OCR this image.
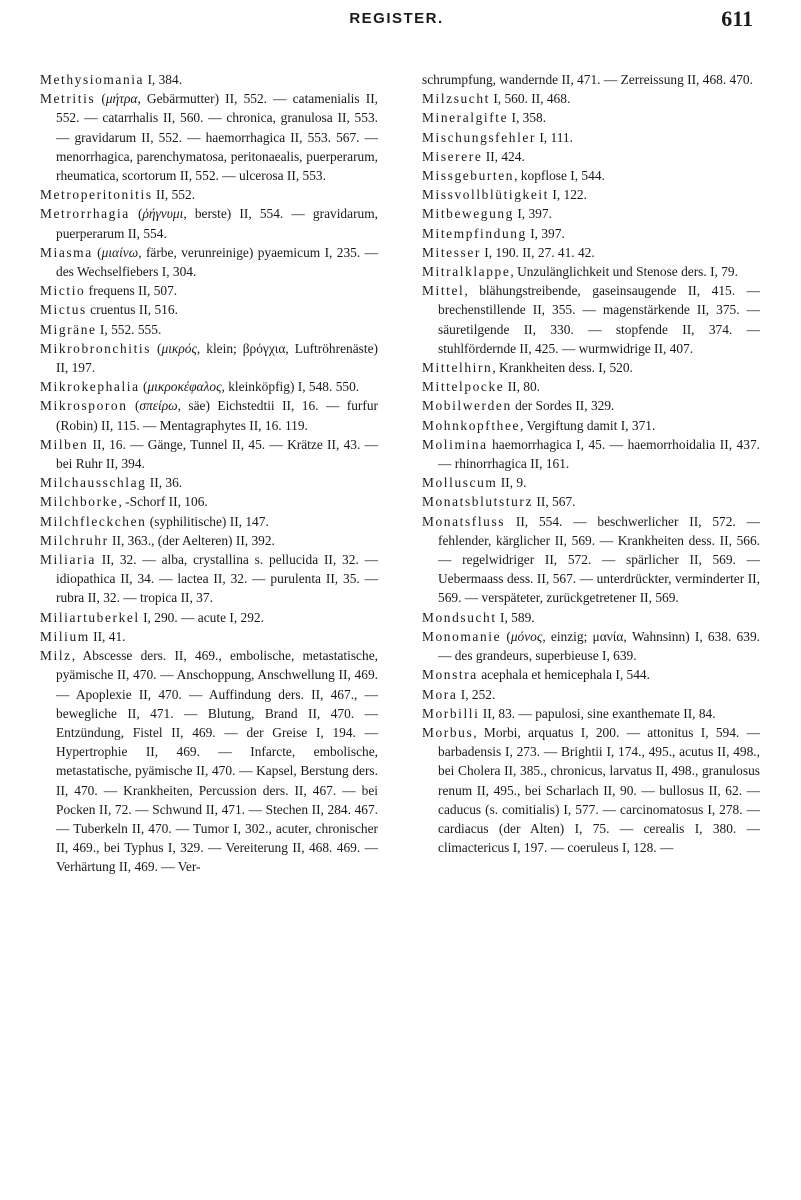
REGISTER.	611

Methysiomania I, 384.

Metritis (μήτρα, Gebärmutter) II, 552. — catamenialis II, 552. — catarrhalis II, 560. — chronica, granulosa II, 553. — gravidarum II, 552. — haemorrhagica II, 553. 567. — menorrhagica, parenchymatosa, peritonaealis, puerperarum, rheumatica, scortorum II, 552. — ulcerosa II, 553.

Metroperitonitis II, 552.

Metrorrhagia (ῥήγνυμι, berste) II, 554. — gravidarum, puerperarum II, 554.

Miasma (μιαίνω, färbe, verunreinige) pyaemicum I, 235. — des Wechselfiebers I, 304.

Mictio frequens II, 507.

Mictus cruentus II, 516.

Migräne I, 552. 555.

Mikrobronchitis (μικρός, klein; βρόγχια, Luftröhrenäste) II, 197.

Mikrokephalia (μικροκέφαλος, kleinköpfig) I, 548. 550.

Mikrosporon (σπείρω, säe) Eichstedtii II, 16. — furfur (Robin) II, 115. — Mentagraphytes II, 16. 119.

Milben II, 16. — Gänge, Tunnel II, 45. — Krätze II, 43. — bei Ruhr II, 394.

Milchausschlag II, 36.

Milchborke, -Schorf II, 106.

Milchfleckchen (syphilitische) II, 147.

Milchruhr II, 363., (der Aelteren) II, 392.

Miliaria II, 32. — alba, crystallina s. pellucida II, 32. — idiopathica II, 34. — lactea II, 32. — purulenta II, 35. — rubra II, 32. — tropica II, 37.

Miliartuberkel I, 290. — acute I, 292.

Milium II, 41.

Milz, Abscesse ders. II, 469., embolische, metastatische, pyämische II, 470. — Anschoppung, Anschwellung II, 469. — Apoplexie II, 470. — Auffindung ders. II, 467., — bewegliche II, 471. — Blutung, Brand II, 470. — Entzündung, Fistel II, 469. — der Greise I, 194. — Hypertrophie II, 469. — Infarcte, embolische, metastatische, pyämische II, 470. — Kapsel, Berstung ders. II, 470. — Krankheiten, Percussion ders. II, 467. — bei Pocken II, 72. — Schwund II, 471. — Stechen II, 284. 467. — Tuberkeln II, 470. — Tumor I, 302., acuter, chronischer II, 469., bei Typhus I, 329. — Vereiterung II, 468. 469. — Verhärtung II, 469. — Ver-

schrumpfung, wandernde II, 471. — Zerreissung II, 468. 470.

Milzsucht I, 560. II, 468.

Mineralgifte I, 358.

Mischungsfehler I, 111.

Miserere II, 424.

Missgeburten, kopflose I, 544.

Missvollblütigkeit I, 122.

Mitbewegung I, 397.

Mitempfindung I, 397.

Mitesser I, 190. II, 27. 41. 42.

Mitralklappe, Unzulänglichkeit und Stenose ders. I, 79.

Mittel, blähungstreibende, gaseinsaugende II, 415. — brechenstillende II, 355. — magenstärkende II, 375. — säuretilgende II, 330. — stopfende II, 374. — stuhlfördernde II, 425. — wurmwidrige II, 407.

Mittelhirn, Krankheiten dess. I, 520.

Mittelpocke II, 80.

Mobilwerden der Sordes II, 329.

Mohnkopfthee, Vergiftung damit I, 371.

Molimina haemorrhagica I, 45. — haemorrhoidalia II, 437. — rhinorrhagica II, 161.

Molluscum II, 9.

Monatsblutsturz II, 567.

Monatsfluss II, 554. — beschwerlicher II, 572. — fehlender, kärglicher II, 569. — Krankheiten dess. II, 566. — regelwidriger II, 572. — spärlicher II, 569. — Uebermaass dess. II, 567. — unterdrückter, verminderter II, 569. — verspäteter, zurückgetretener II, 569.

Mondsucht I, 589.

Monomanie (μόνος, einzig; μανία, Wahnsinn) I, 638. 639. — des grandeurs, superbieuse I, 639.

Monstra acephala et hemicephala I, 544.

Mora I, 252.

Morbilli II, 83. — papulosi, sine exanthemate II, 84.

Morbus, Morbi, arquatus I, 200. — attonitus I, 594. — barbadensis I, 273. — Brightii I, 174., 495., acutus II, 498., bei Cholera II, 385., chronicus, larvatus II, 498., granulosus renum II, 495., bei Scharlach II, 90. — bullosus II, 62. — caducus (s. comitialis) I, 577. — carcinomatosus I, 278. — cardiacus (der Alten) I, 75. — cerealis I, 380. — climactericus I, 197. — coeruleus I, 128. —
